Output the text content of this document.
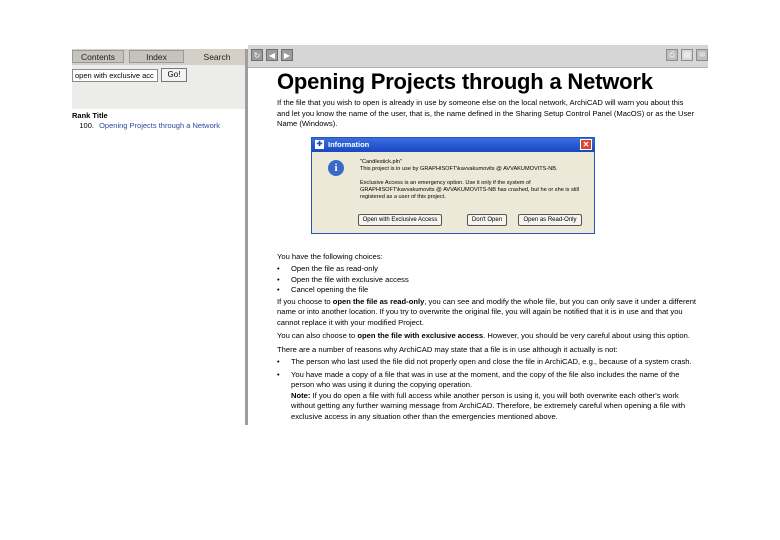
Contents	Index	Search
open with exclusive acc
Go!
Rank Title
100. Opening Projects through a Network
↻	◀	▶	⎙	▤	✉
Opening Projects through a Network

If the file that you wish to open is already in use by someone else on the local network, ArchiCAD will warn you about this and let you know the name of the user, that is, the name defined in the Sharing Setup Control Panel (MacOS) or as the User Name (Windows).

You have the following choices:

• Open the file as read-only
• Open the file with exclusive access
• Cancel opening the file

If you choose to open the file as read-only, you can see and modify the whole file, but you can only save it under a different name or into another location. If you try to overwrite the original file, you will again be notified that it is in use and that you cannot replace it with your modified Project.

You can also choose to open the file with exclusive access. However, you should be very careful about using this option.

There are a number of reasons why ArchiCAD may state that a file is in use although it actually is not:

• The person who last used the file did not properly open and close the file in ArchiCAD, e.g., because of a system crash.
• You have made a copy of a file that was in use at the moment, and the copy of the file also includes the name of the person who was using it during the copying operation.

Note: If you do open a file with full access while another person is using it, you will both overwrite each other's work without getting any further warning message from ArchiCAD. Therefore, be extremely careful when opening a file with exclusive access in any situation other than the emergencies mentioned above.

✚ Information	✕
i	"Candlestick.pln"
This project is in use by GRAPHISOFT\kavvakumovits @ AVVAKUMOVITS-NB.
Exclusive Access is an emergency option. Use it only if the system of GRAPHISOFT\kavvakumovits @ AVVAKUMOVITS-NB has crashed, but he or she is still registered as a user of this project.
Open with Exclusive Access	Don't Open	Open as Read-Only
